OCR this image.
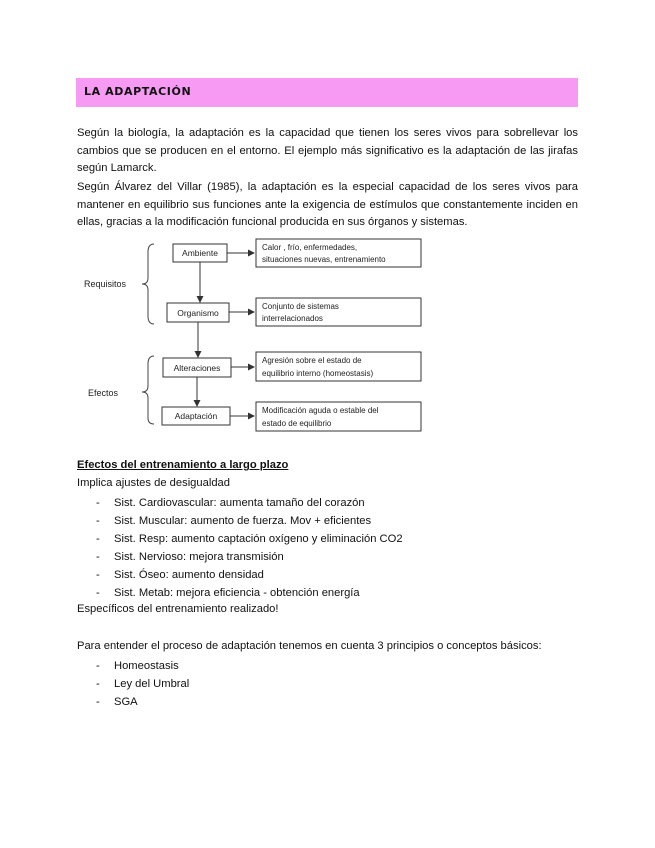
LA ADAPTACIÓN

Según la biología, la adaptación es la capacidad que tienen los seres vivos para sobrellevar los cambios que se producen en el entorno. El ejemplo más significativo es la adaptación de las jirafas según Lamarck.

Según Álvarez del Villar (1985), la adaptación es la especial capacidad de los seres vivos para mantener en equilibrio sus funciones ante la exigencia de estímulos que constantemente inciden en ellas, gracias a la modificación funcional producida en sus órganos y sistemas.

Requisitos
Efectos
Ambiente
Organismo
Alteraciones
Adaptación
Calor , frío, enfermedades,
situaciones nuevas, entrenamiento
Conjunto de sistemas
interrelacionados
Agresión sobre el estado de
equilibrio interno (homeostasis)
Modificación aguda o estable del
estado de equilibrio

Efectos del entrenamiento a largo plazo

Implica ajustes de desigualdad

- Sist. Cardiovascular: aumenta tamaño del corazón
- Sist. Muscular: aumento de fuerza. Mov + eficientes
- Sist. Resp: aumento captación oxígeno y eliminación CO2
- Sist. Nervioso: mejora transmisión
- Sist. Óseo: aumento densidad
- Sist. Metab: mejora eficiencia - obtención energía

Específicos del entrenamiento realizado!

Para entender el proceso de adaptación tenemos en cuenta 3 principios o conceptos básicos:

- Homeostasis
- Ley del Umbral
- SGA
